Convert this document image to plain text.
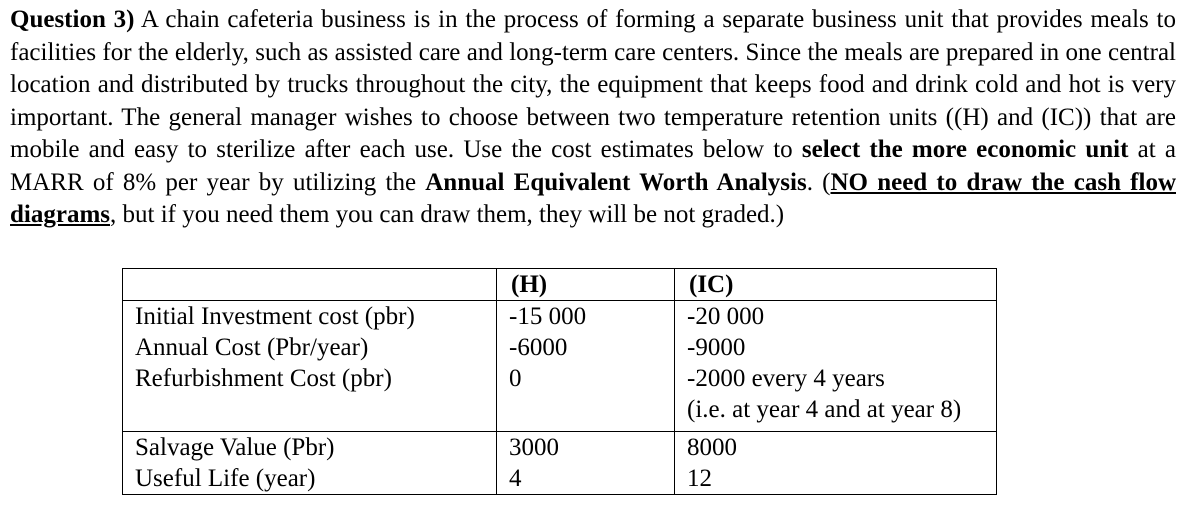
Question 3) A chain cafeteria business is in the process of forming a separate business unit that provides meals to facilities for the elderly, such as assisted care and long-term care centers. Since the meals are prepared in one central location and distributed by trucks throughout the city, the equipment that keeps food and drink cold and hot is very important. The general manager wishes to choose between two temperature retention units ((H) and (IC)) that are mobile and easy to sterilize after each use. Use the cost estimates below to select the more economic unit at a MARR of 8% per year by utilizing the Annual Equivalent Worth Analysis. (NO need to draw the cash flow diagrams, but if you need them you can draw them, they will be not graded.)

	(H)	(IC)
Initial Investment cost (pbr)	-15 000	-20 000
Annual Cost (Pbr/year)	-6000	-9000
Refurbishment Cost (pbr)	0	-2000 every 4 years
(i.e. at year 4 and at year 8)

Salvage Value (Pbr)	3000	8000
Useful Life (year)	4	12
